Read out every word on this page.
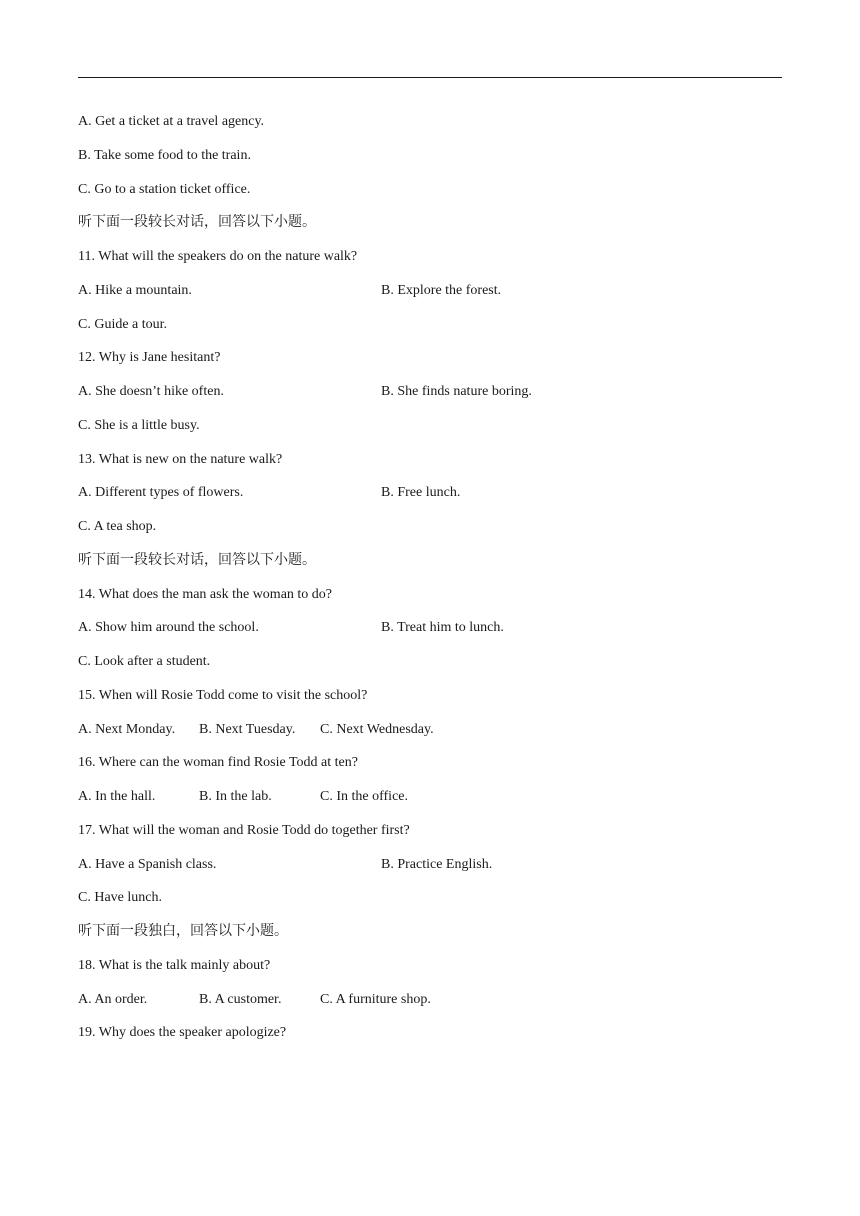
A. Get a ticket at a travel agency.
B. Take some food to the train.
C. Go to a station ticket office.
听下面一段较长对话，回答以下小题。
11. What will the speakers do on the nature walk?
A. Hike a mountain.	B. Explore the forest.
C. Guide a tour.
12. Why is Jane hesitant?
A. She doesn’t hike often.	B. She finds nature boring.
C. She is a little busy.
13. What is new on the nature walk?
A. Different types of flowers.	B. Free lunch.
C. A tea shop.
听下面一段较长对话，回答以下小题。
14. What does the man ask the woman to do?
A. Show him around the school.	B. Treat him to lunch.
C. Look after a student.
15. When will Rosie Todd come to visit the school?
A. Next Monday. B. Next Tuesday. C. Next Wednesday.
16. Where can the woman find Rosie Todd at ten?
A. In the hall.	B. In the lab.	C. In the office.
17. What will the woman and Rosie Todd do together first?
A. Have a Spanish class.	B. Practice English.
C. Have lunch.
听下面一段独白，回答以下小题。
18. What is the talk mainly about?
A. An order.	B. A customer.	C. A furniture shop.
19. Why does the speaker apologize?
